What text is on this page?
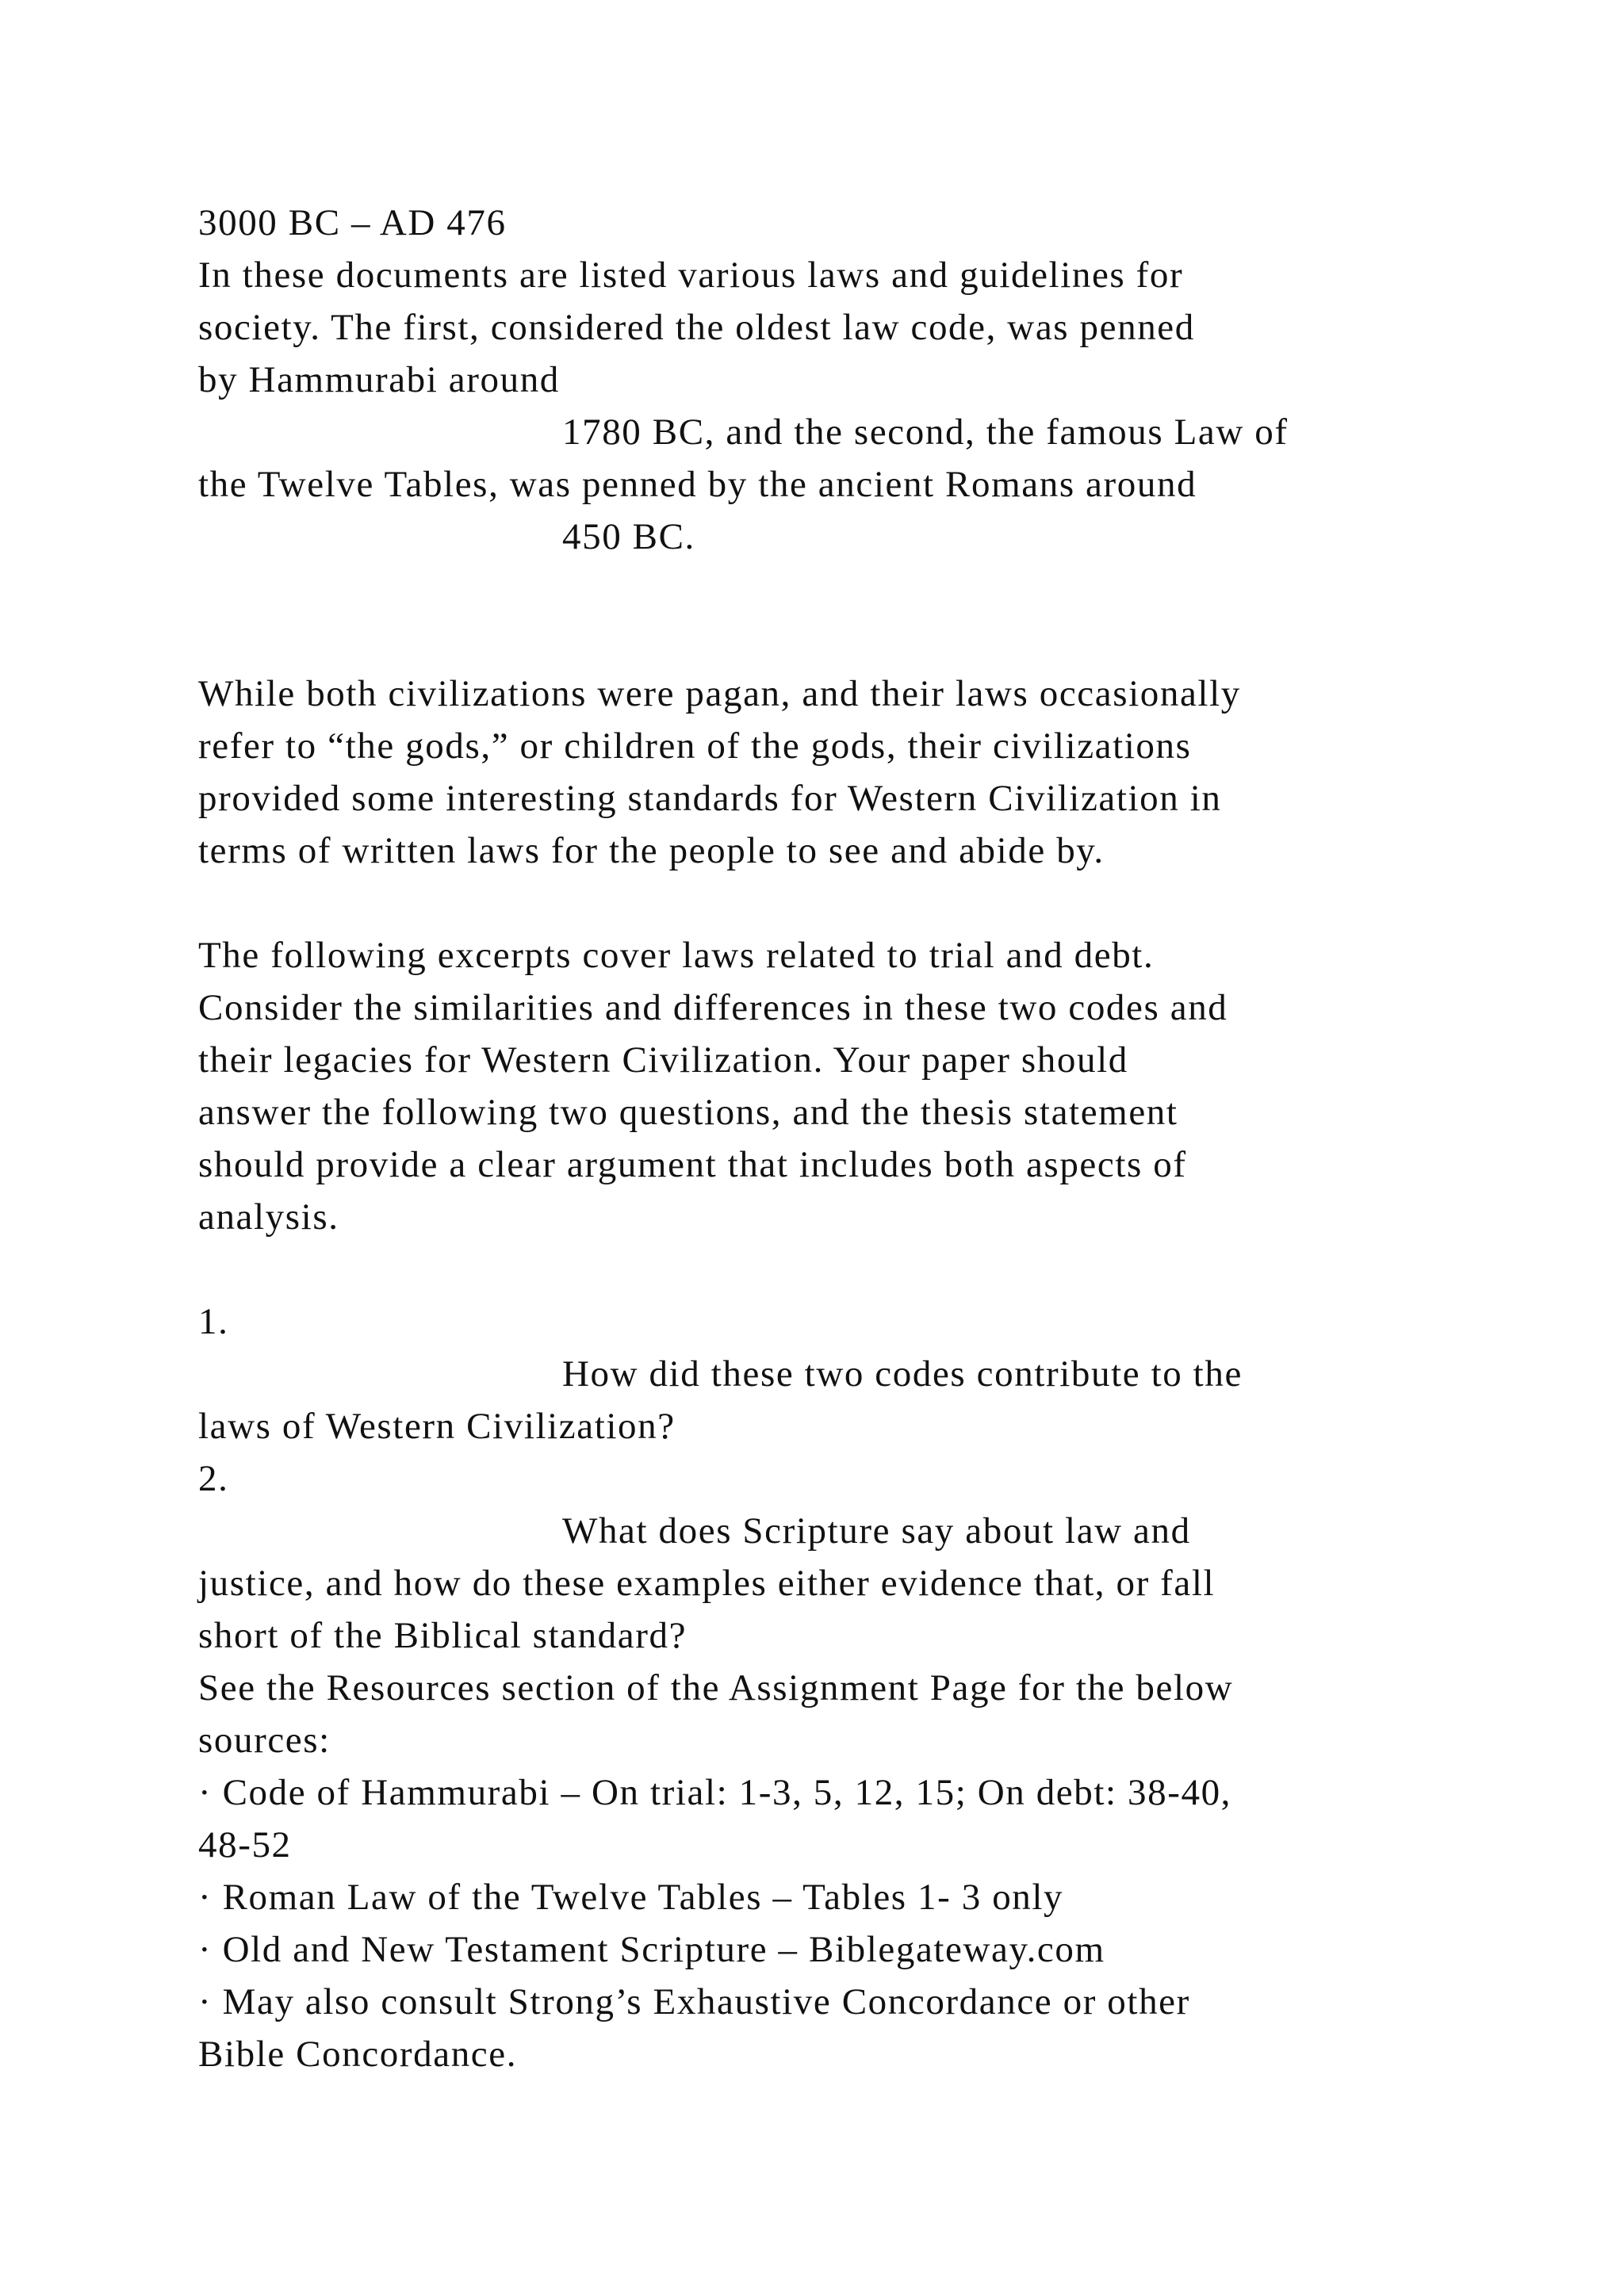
3000 BC – AD 476

In these documents are listed various laws and guidelines for

society. The first, considered the oldest law code, was penned

by Hammurabi around

1780 BC, and the second, the famous Law of

the Twelve Tables, was penned by the ancient Romans around

450 BC.

While both civilizations were pagan, and their laws occasionally

refer to “the gods,” or children of the gods, their civilizations

provided some interesting standards for Western Civilization in

terms of written laws for the people to see and abide by.

The following excerpts cover laws related to trial and debt.

Consider the similarities and differences in these two codes and

their legacies for Western Civilization. Your paper should

answer the following two questions, and the thesis statement

should provide a clear argument that includes both aspects of

analysis.

1.

How did these two codes contribute to the

laws of Western Civilization?

2.

What does Scripture say about law and

justice, and how do these examples either evidence that, or fall

short of the Biblical standard?

See the Resources section of the Assignment Page for the below

sources:

· Code of Hammurabi – On trial: 1-3, 5, 12, 15; On debt: 38-40,

48-52

· Roman Law of the Twelve Tables – Tables 1- 3 only

· Old and New Testament Scripture – Biblegateway.com

· May also consult Strong’s Exhaustive Concordance or other

Bible Concordance.
